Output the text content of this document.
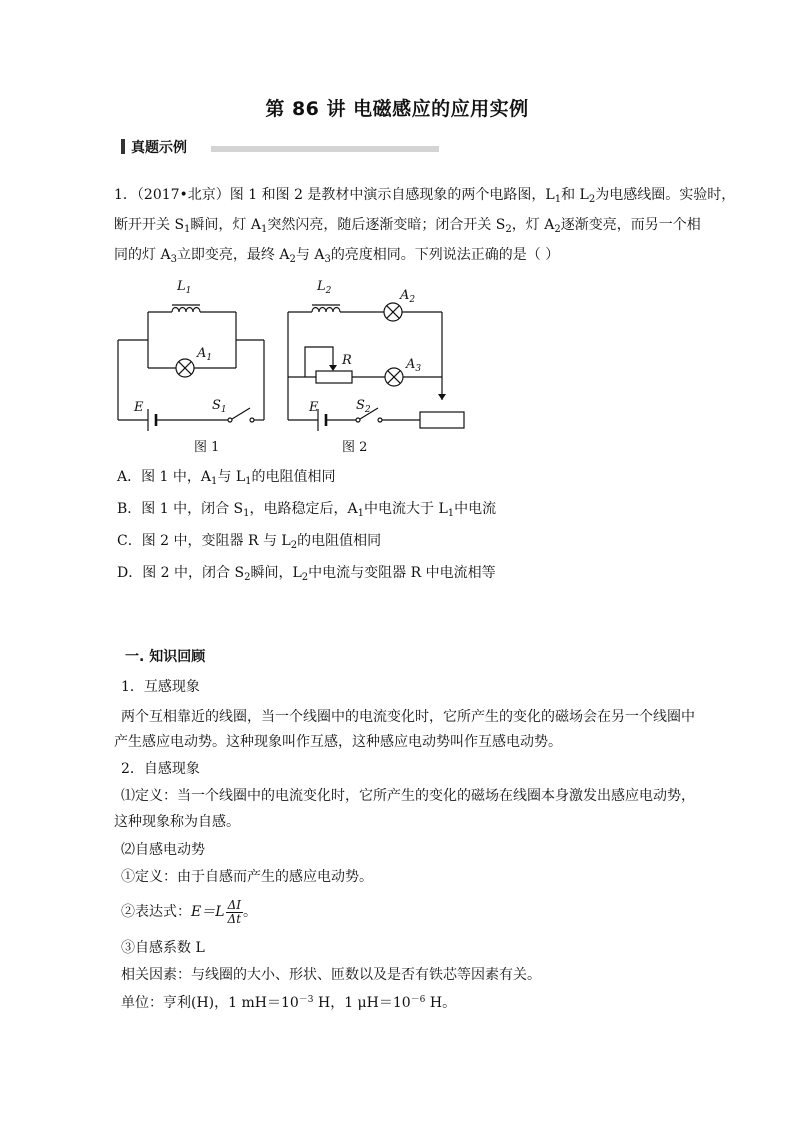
第 86 讲 电磁感应的应用实例
真题示例
1．（2017•北京）图 1 和图 2 是教材中演示自感现象的两个电路图，$L_1$和 $L_2$为电感线圈。实验时，
断开开关 $S_1$瞬间，灯 $A_1$突然闪亮，随后逐渐变暗；闭合开关 $S_2$，灯 $A_2$逐渐变亮，而另一个相
同的灯 $A_3$立即变亮，最终 $A_2$与 $A_3$的亮度相同。下列说法正确的是（ ）
$L_1$
$A_1$
E	$S_1$
$L_2$	$A_2$
R	$A_3$
E	$S_2$
图 1	图 2
A．图 1 中，$A_1$与 $L_1$的电阻值相同
B．图 1 中，闭合 $S_1$，电路稳定后，$A_1$中电流大于 $L_1$中电流
C．图 2 中，变阻器 R 与 $L_2$的电阻值相同
D．图 2 中，闭合 $S_2$瞬间，$L_2$中电流与变阻器 R 中电流相等
一. 知识回顾
1．互感现象
两个互相靠近的线圈，当一个线圈中的电流变化时，它所产生的变化的磁场会在另一个线圈中
产生感应电动势。这种现象叫作互感，这种感应电动势叫作互感电动势。
2．自感现象
⑴定义：当一个线圈中的电流变化时，它所产生的变化的磁场在线圈本身激发出感应电动势，
这种现象称为自感。
⑵自感电动势
①定义：由于自感而产生的感应电动势。
②表达式：$E=L \frac{\Delta I}{\Delta t}$ 。
③自感系数 L
相关因素：与线圈的大小、形状、匝数以及是否有铁芯等因素有关。
单位：亨利(H)，1 $mH=10^{-3}$ H，1 $\mu H=10^{-6}$ H。
